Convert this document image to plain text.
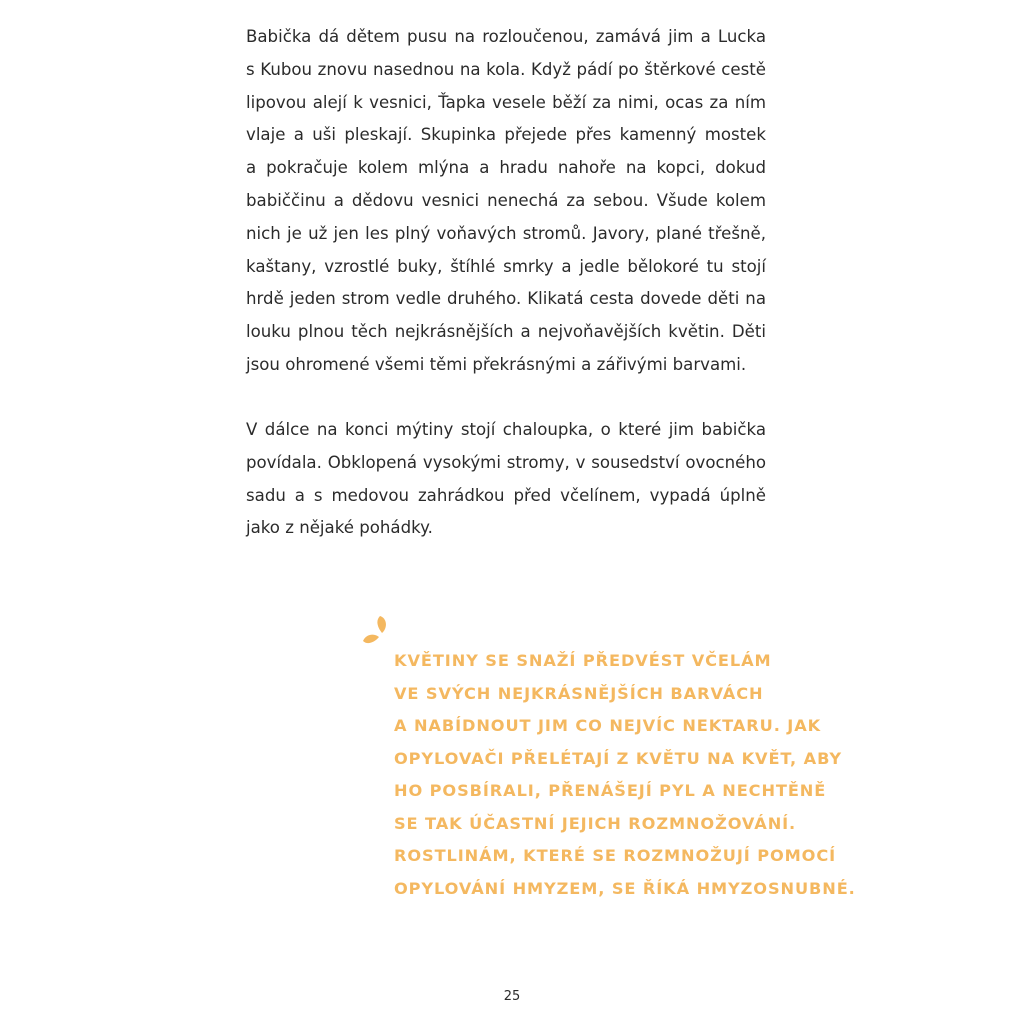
Babička dá dětem pusu na rozloučenou, zamává jim a Lucka
s Kubou znovu nasednou na kola. Když pádí po štěrkové cestě
lipovou alejí k vesnici, Ťapka vesele běží za nimi, ocas za ním
vlaje a uši pleskají. Skupinka přejede přes kamenný mostek
a pokračuje kolem mlýna a hradu nahoře na kopci, dokud
babiččinu a dědovu vesnici nenechá za sebou. Všude kolem
nich je už jen les plný voňavých stromů. Javory, plané třešně,
kaštany, vzrostlé buky, štíhlé smrky a jedle bělokoré tu stojí
hrdě jeden strom vedle druhého. Klikatá cesta dovede děti na
louku plnou těch nejkrásnějších a nejvoňavějších květin. Děti
jsou ohromené všemi těmi překrásnými a zářivými barvami.

V dálce na konci mýtiny stojí chaloupka, o které jim babička
povídala. Obklopená vysokými stromy, v sousedství ovocného
sadu a s medovou zahrádkou před včelínem, vypadá úplně
jako z nějaké pohádky.

KVĚTINY SE SNAŽÍ PŘEDVÉST VČELÁM
VE SVÝCH NEJKRÁSNĚJŠÍCH BARVÁCH
A NABÍDNOUT JIM CO NEJVÍC NEKTARU. JAK
OPYLOVAČI PŘELÉTAJÍ Z KVĚTU NA KVĚT, ABY
HO POSBÍRALI, PŘENÁŠEJÍ PYL A NECHTĚNĚ
SE TAK ÚČASTNÍ JEJICH ROZMNOŽOVÁNÍ.
ROSTLINÁM, KTERÉ SE ROZMNOŽUJÍ POMOCÍ
OPYLOVÁNÍ HMYZEM, SE ŘÍKÁ HMYZOSNUBNÉ.
25
